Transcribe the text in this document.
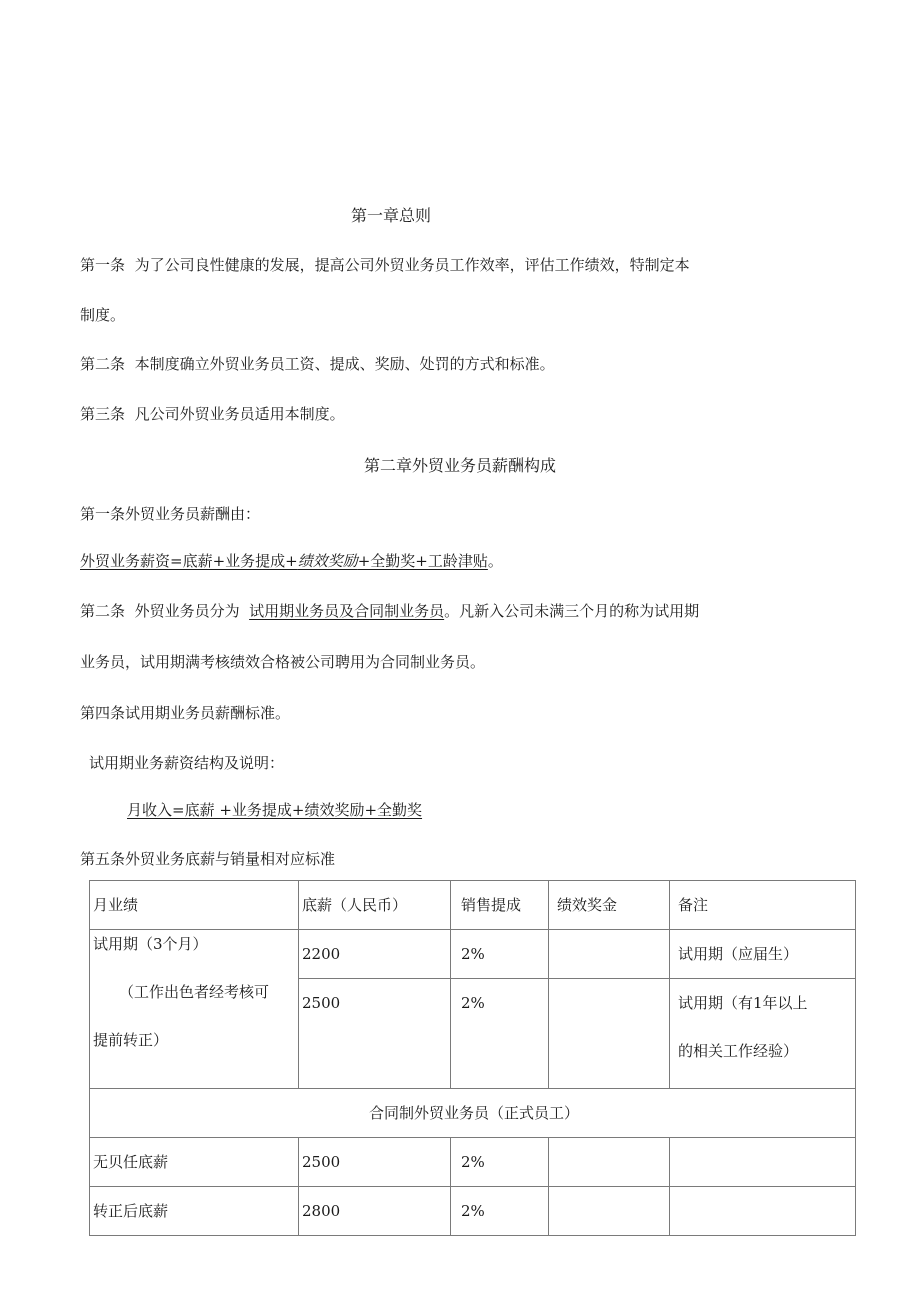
第一章总则
第一条 为了公司良性健康的发展，提高公司外贸业务员工作效率，评估工作绩效，特制定本
制度。
第二条 本制度确立外贸业务员工资、提成、奖励、处罚的方式和标准。
第三条 凡公司外贸业务员适用本制度。
第二章外贸业务员薪酬构成
第一条外贸业务员薪酬由：
外贸业务薪资=底薪+业务提成+绩效奖励+全勤奖+工龄津贴。
第二条 外贸业务员分为 试用期业务员及合同制业务员。凡新入公司未满三个月的称为试用期
业务员，试用期满考核绩效合格被公司聘用为合同制业务员。
第四条试用期业务员薪酬标准。
试用期业务薪资结构及说明：
月收入=底薪 +业务提成+绩效奖励+全勤奖
第五条外贸业务底薪与销量相对应标准
月业绩	底薪（人民币）	销售提成	绩效奖金	备注

试用期（3个月）
（工作出色者经考核可
提前转正）	2200	2%		试用期（应届生）
	2500	2%		试用期（有1年以上
的相关工作经验）

合同制外贸业务员（正式员工）				
无贝任底薪	2500	2%		
转正后底薪	2800	2%		
